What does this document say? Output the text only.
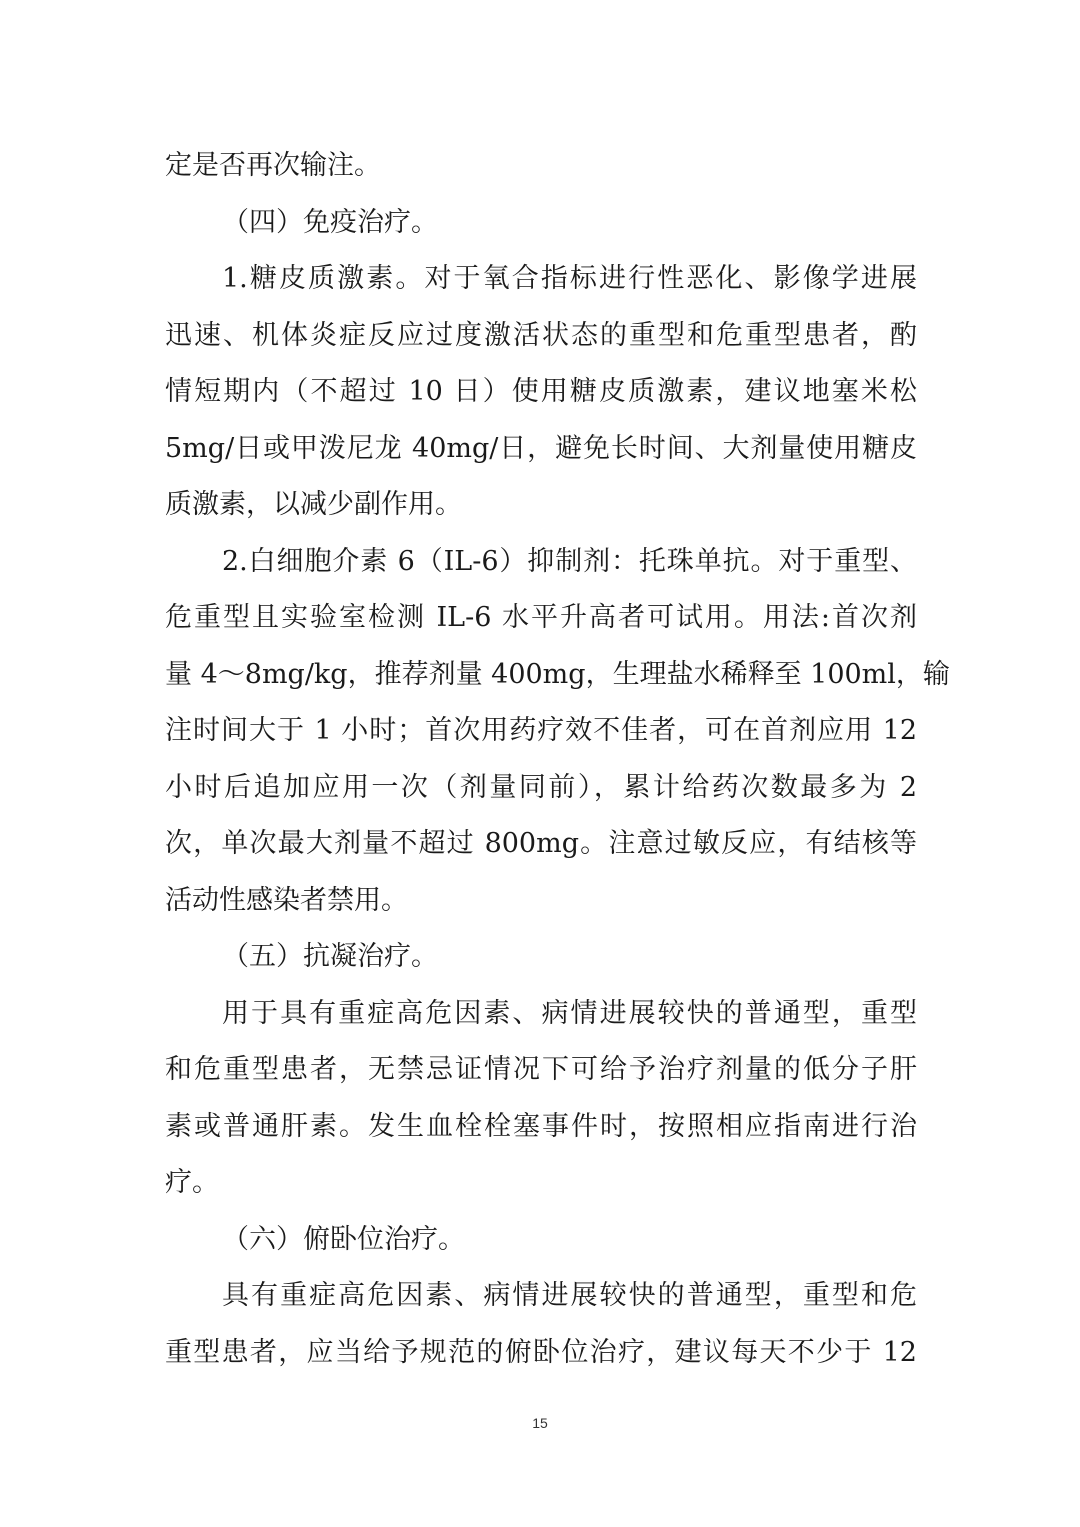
定是否再次输注。
（四）免疫治疗。
1.糖皮质激素。对于氧合指标进行性恶化、影像学进展
迅速、机体炎症反应过度激活状态的重型和危重型患者，酌
情短期内（不超过 10 日）使用糖皮质激素，建议地塞米松
5mg/日或甲泼尼龙 40mg/日，避免长时间、大剂量使用糖皮
质激素，以减少副作用。
2.白细胞介素 6（IL-6）抑制剂：托珠单抗。对于重型、
危重型且实验室检测 IL-6 水平升高者可试用。用法:首次剂
量 4～8mg/kg，推荐剂量 400mg，生理盐水稀释至 100ml，输
注时间大于 1 小时；首次用药疗效不佳者，可在首剂应用 12
小时后追加应用一次（剂量同前），累计给药次数最多为 2
次，单次最大剂量不超过 800mg。注意过敏反应，有结核等
活动性感染者禁用。
（五）抗凝治疗。
用于具有重症高危因素、病情进展较快的普通型，重型
和危重型患者，无禁忌证情况下可给予治疗剂量的低分子肝
素或普通肝素。发生血栓栓塞事件时，按照相应指南进行治
疗。
（六）俯卧位治疗。
具有重症高危因素、病情进展较快的普通型，重型和危
重型患者，应当给予规范的俯卧位治疗，建议每天不少于 12
15
